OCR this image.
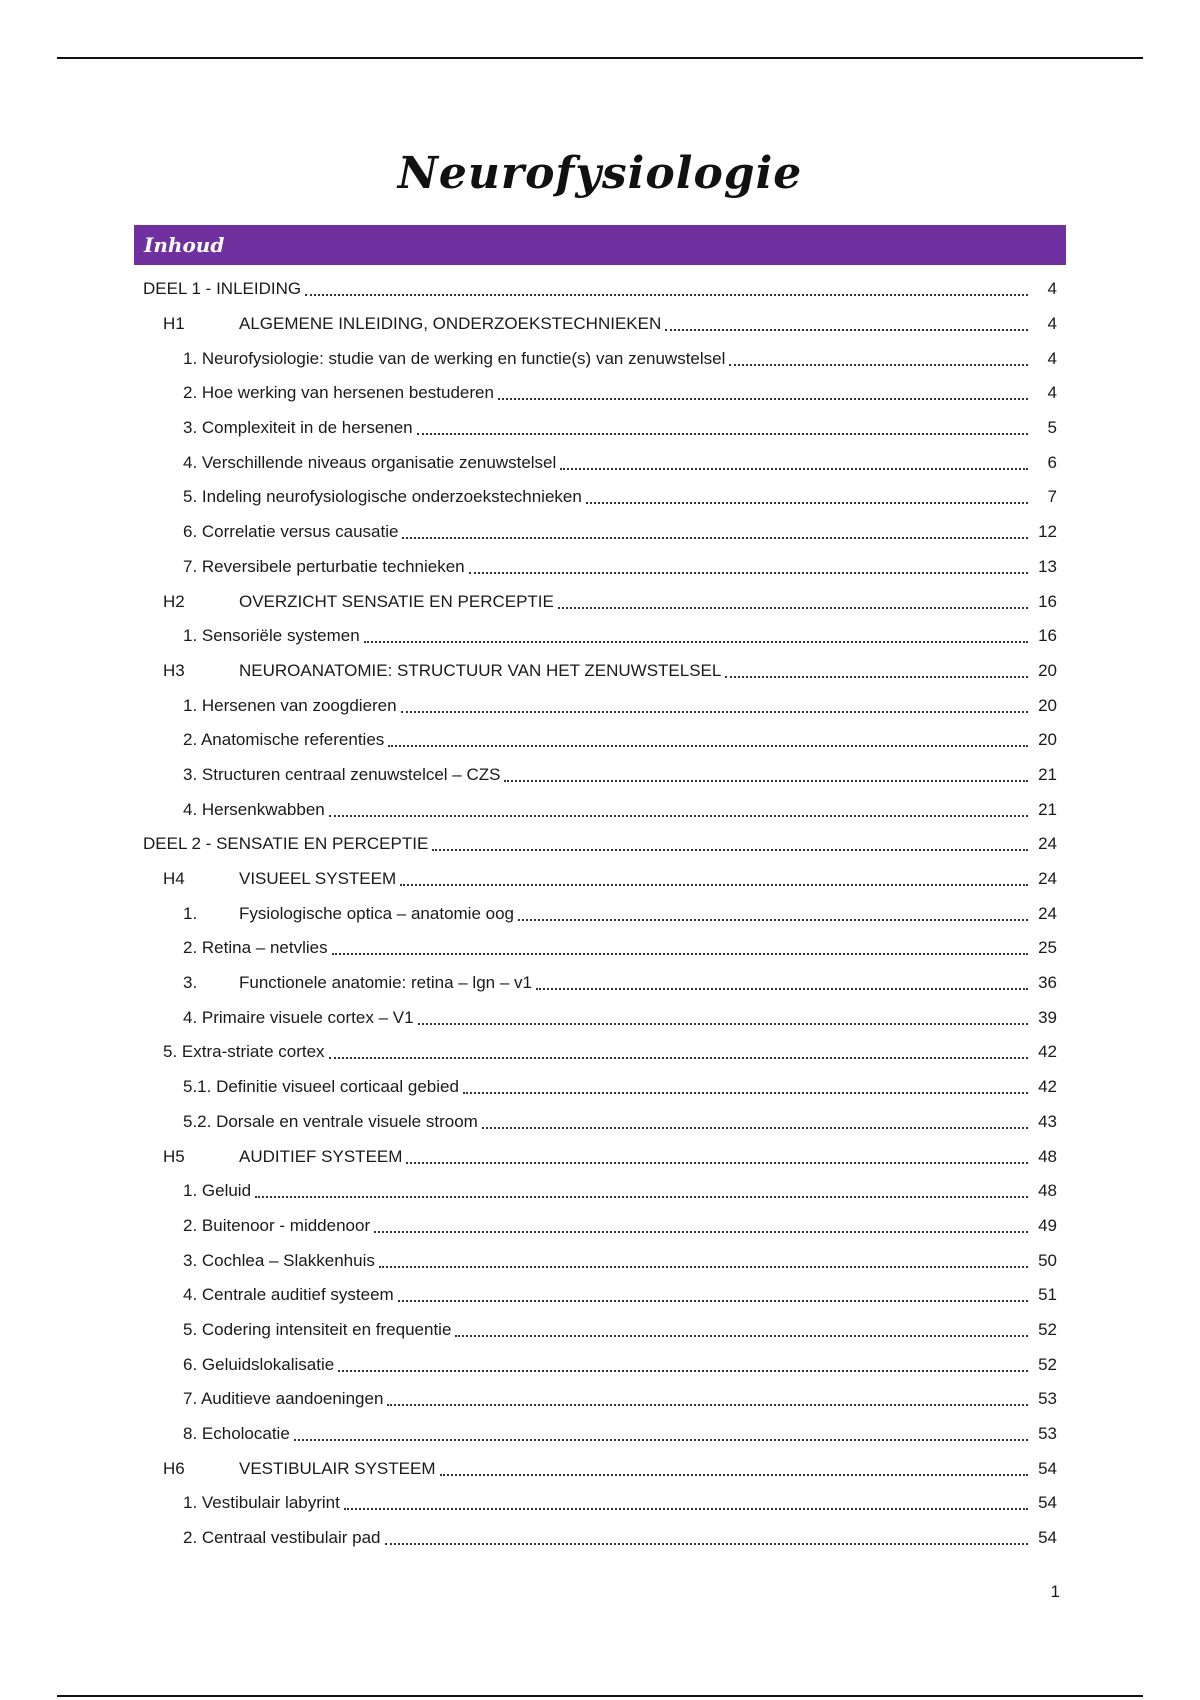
Neurofysiologie
Inhoud
DEEL 1 - INLEIDING	4
H1	ALGEMENE INLEIDING, ONDERZOEKSTECHNIEKEN	4
1. Neurofysiologie: studie van de werking en functie(s) van zenuwstelsel	4
2. Hoe werking van hersenen bestuderen	4
3. Complexiteit in de hersenen	5
4. Verschillende niveaus organisatie zenuwstelsel	6
5. Indeling neurofysiologische onderzoekstechnieken	7
6. Correlatie versus causatie	12
7. Reversibele perturbatie technieken	13
H2	OVERZICHT SENSATIE EN PERCEPTIE	16
1. Sensoriële systemen	16
H3	NEUROANATOMIE: STRUCTUUR VAN HET ZENUWSTELSEL	20
1. Hersenen van zoogdieren	20
2. Anatomische referenties	20
3. Structuren centraal zenuwstelcel – CZS	21
4. Hersenkwabben	21
DEEL 2 - SENSATIE EN PERCEPTIE	24
H4	VISUEEL SYSTEEM	24
1.	Fysiologische optica – anatomie oog	24
2. Retina – netvlies	25
3.	Functionele anatomie: retina – lgn – v1	36
4. Primaire visuele cortex – V1	39
5. Extra-striate cortex	42
5.1. Definitie visueel corticaal gebied	42
5.2. Dorsale en ventrale visuele stroom	43
H5	AUDITIEF SYSTEEM	48
1. Geluid	48
2. Buitenoor - middenoor	49
3. Cochlea – Slakkenhuis	50
4. Centrale auditief systeem	51
5. Codering intensiteit en frequentie	52
6. Geluidslokalisatie	52
7. Auditieve aandoeningen	53
8. Echolocatie	53
H6	VESTIBULAIR SYSTEEM	54
1. Vestibulair labyrint	54
2. Centraal vestibulair pad	54
1
